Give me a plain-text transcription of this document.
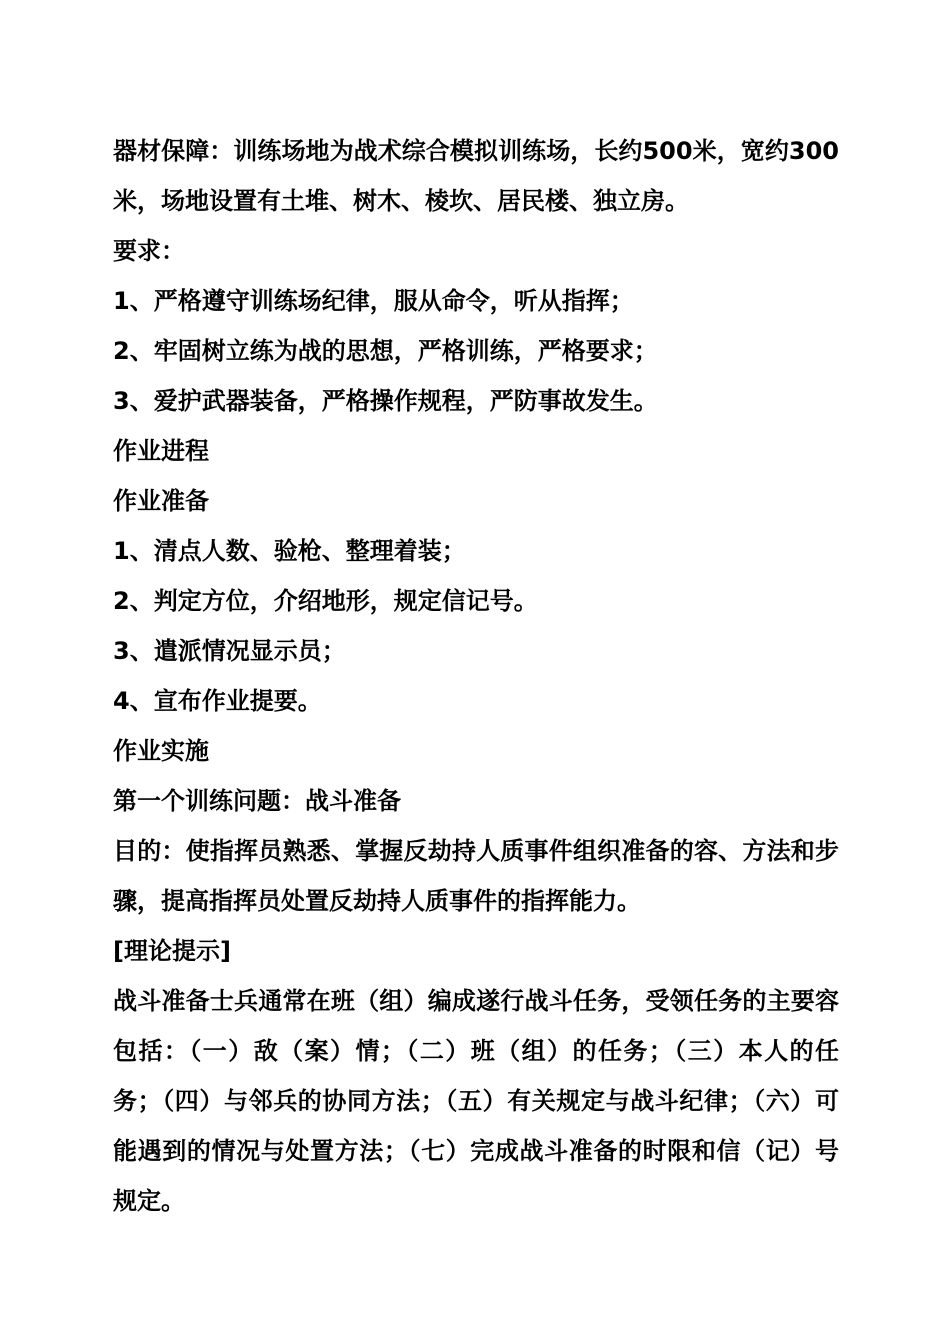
器材保障：训练场地为战术综合模拟训练场，长约500米，宽约300米，场地设置有土堆、树木、棱坎、居民楼、独立房。
要求：
1、严格遵守训练场纪律，服从命令，听从指挥；
2、牢固树立练为战的思想，严格训练，严格要求；
3、爱护武器装备，严格操作规程，严防事故发生。
作业进程
作业准备
1、清点人数、验枪、整理着装；
2、判定方位，介绍地形，规定信记号。
3、遣派情况显示员；
4、宣布作业提要。
作业实施
第一个训练问题：战斗准备
目的：使指挥员熟悉、掌握反劫持人质事件组织准备的容、方法和步骤，提高指挥员处置反劫持人质事件的指挥能力。
[理论提示]
战斗准备士兵通常在班（组）编成遂行战斗任务，受领任务的主要容包括：（一）敌（案）情；（二）班（组）的任务；（三）本人的任务；（四）与邻兵的协同方法；（五）有关规定与战斗纪律；（六）可能遇到的情况与处置方法；（七）完成战斗准备的时限和信（记）号规定。
